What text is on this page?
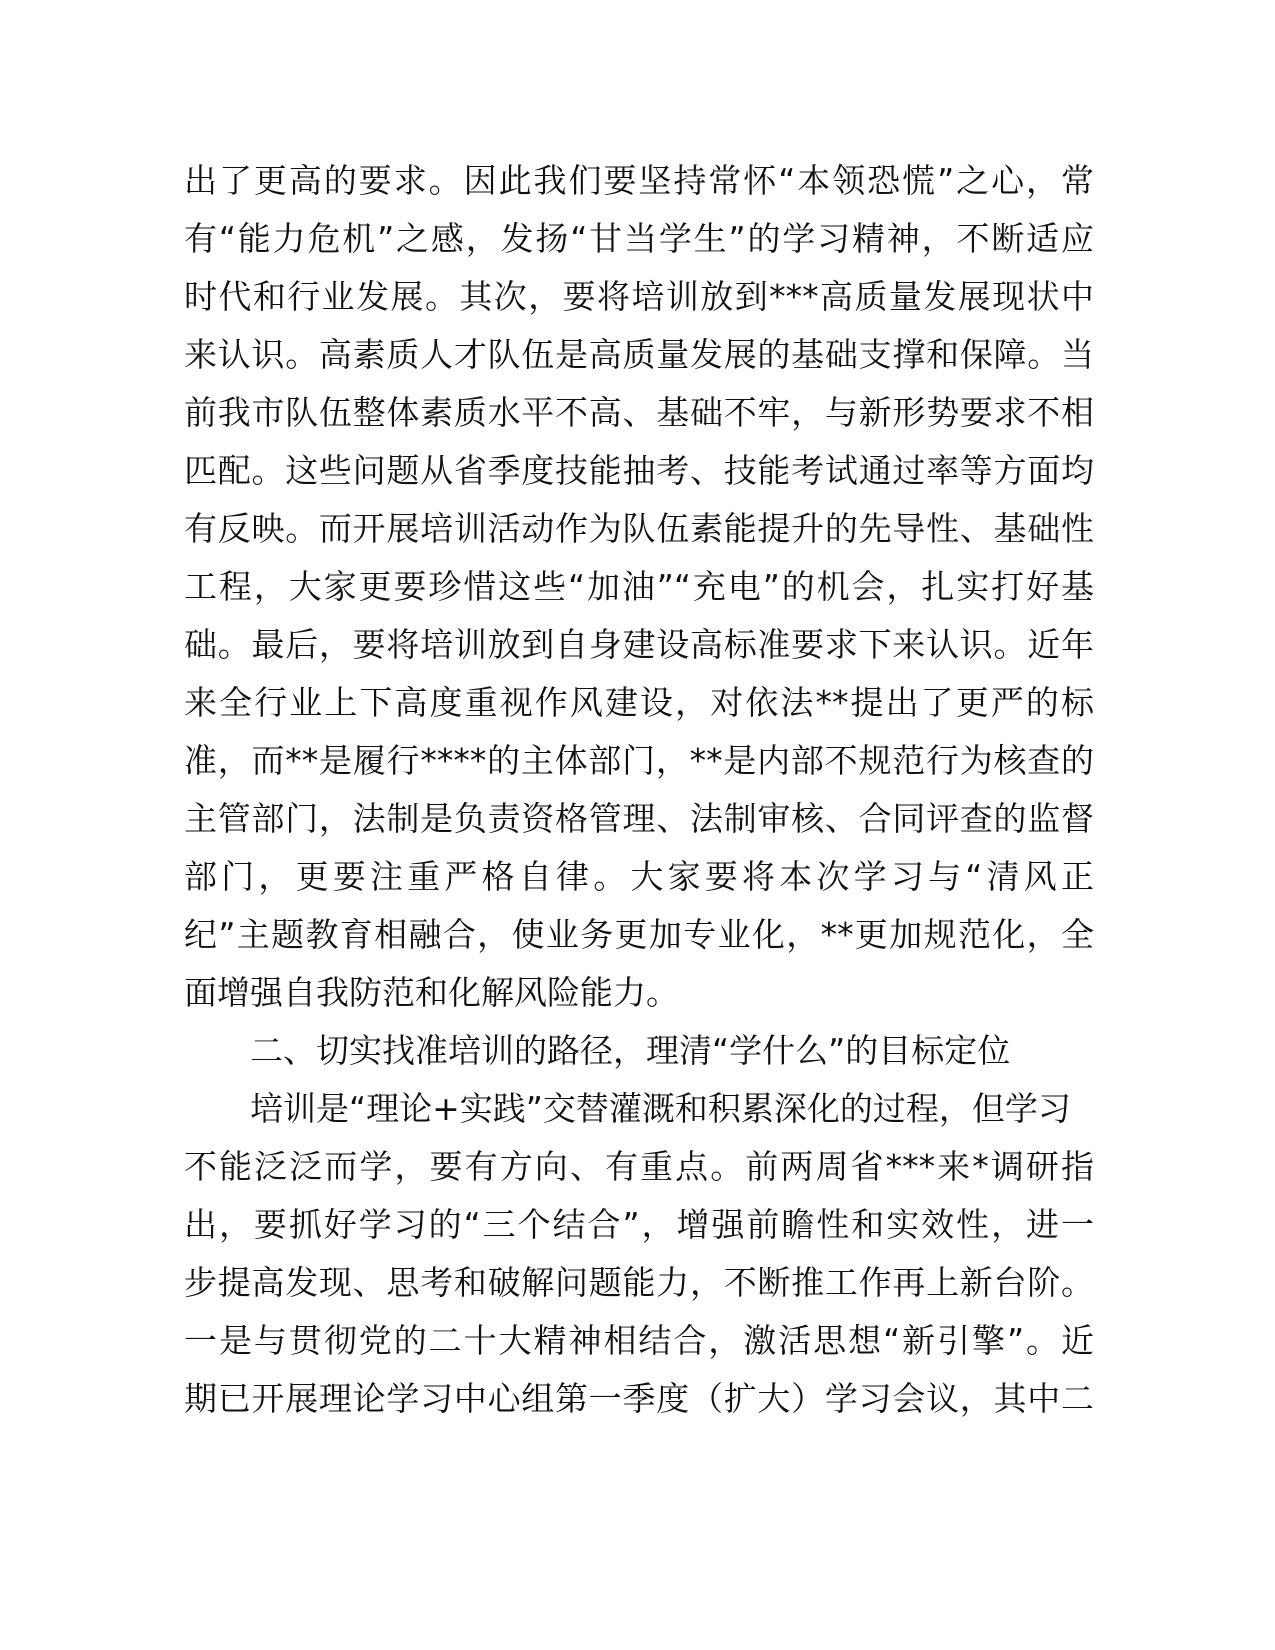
出了更高的要求。因此我们要坚持常怀“本领恐慌”之心，常
有“能力危机”之感，发扬“甘当学生”的学习精神，不断适应
时代和行业发展。其次，要将培训放到***高质量发展现状中
来认识。高素质人才队伍是高质量发展的基础支撑和保障。当
前我市队伍整体素质水平不高、基础不牢，与新形势要求不相
匹配。这些问题从省季度技能抽考、技能考试通过率等方面均
有反映。而开展培训活动作为队伍素能提升的先导性、基础性
工程，大家更要珍惜这些“加油”“充电”的机会，扎实打好基
础。最后，要将培训放到自身建设高标准要求下来认识。近年
来全行业上下高度重视作风建设，对依法**提出了更严的标
准，而**是履行****的主体部门，**是内部不规范行为核查的
主管部门，法制是负责资格管理、法制审核、合同评查的监督
部门，更要注重严格自律。大家要将本次学习与“清风正
纪”主题教育相融合，使业务更加专业化，**更加规范化，全
面增强自我防范和化解风险能力。
二、切实找准培训的路径，理清“学什么”的目标定位
培训是“理论+实践”交替灌溉和积累深化的过程，但学习
不能泛泛而学，要有方向、有重点。前两周省***来*调研指
出，要抓好学习的“三个结合”，增强前瞻性和实效性，进一
步提高发现、思考和破解问题能力，不断推工作再上新台阶。
一是与贯彻党的二十大精神相结合，激活思想“新引擎”。近
期已开展理论学习中心组第一季度（扩大）学习会议，其中二
